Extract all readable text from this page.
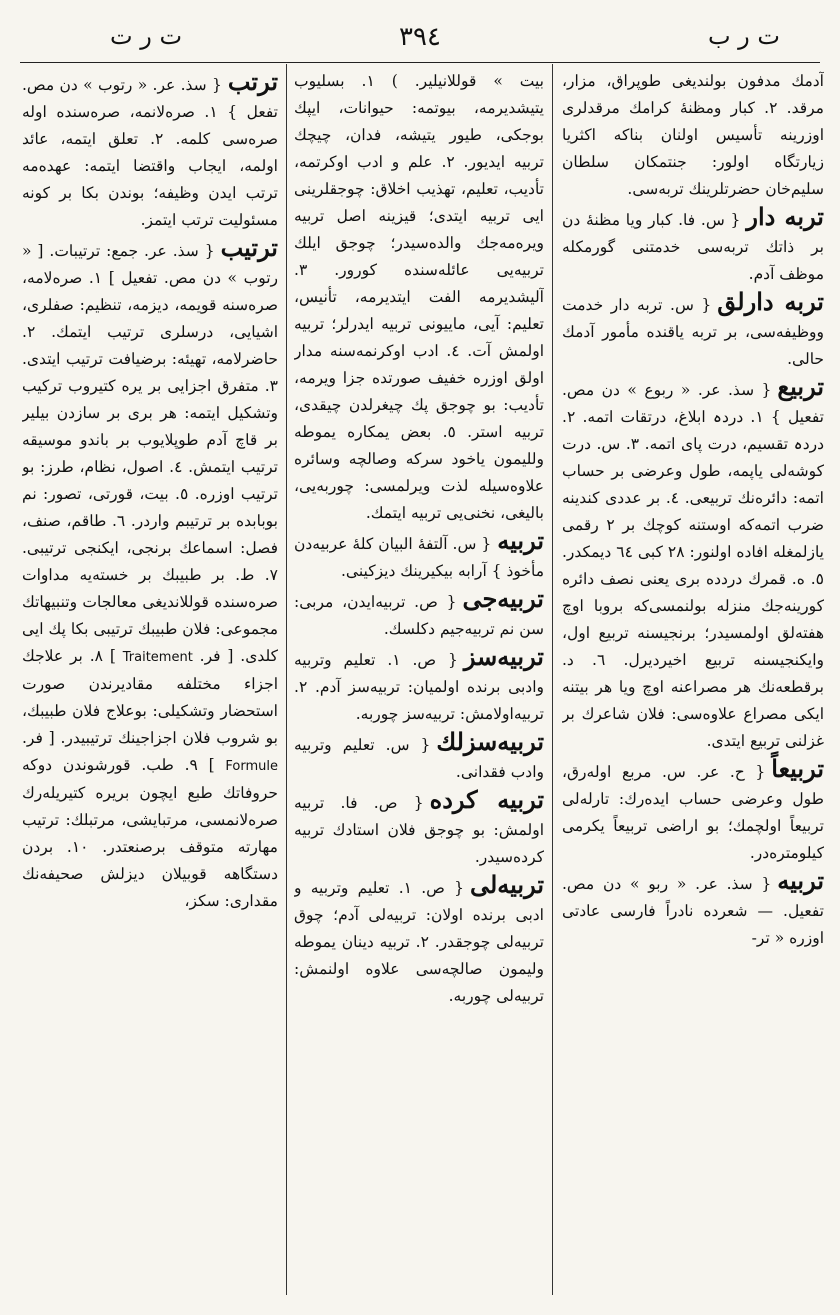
ت ر ب
٣٩٤
ت ر ت

آدمك مدفون بولندیغی طوپراق، مزار، مرقد. ٢. كبار ومظنهٔ كرامك مرقدلری اوزرینه تأسیس اولنان بناكه اكثریا زیارتگاه اولور: جنتمكان سلطان سلیم‌خان حضرتلرینك تربه‌سی.

تربه دار{ س. فا. كبار ویا مظنهٔ دن بر ذاتك تربه‌سی خدمتنی گورمكله موظف آدم.

تربه دارلق{ س. تربه دار خدمت ووظیفه‌سی، بر تربه یاقنده مأمور آدمك حالی.

تربیع{ سذ. عر. « ربوع » دن مص. تفعیل } ١. دردہ ابلاغ، درتقات اتمه. ٢. دردہ تقسیم، درت پای اتمه. ٣. س. درت كوشه‌لی یاپمه، طول وعرضی بر حساب اتمه: دائره‌نك تربیعی. ٤. بر عددی كندینه ضرب اتمه‌كه اوستنه كوچك بر ٢ رقمی یازلمغله افاده اولنور: ٢٨ كبی ٦٤ دیمكدر. ٥. ه. قمرك دردده بری یعنی نصف دائره كورینه‌جك منزله بولنمسی‌كه بروبا اوچ هفته‌لق اولمسیدر؛ برنجیسنه تربیع اول، وایكنجیسنه تربیع اخیردیرل. ٦. د. برقطعه‌نك هر مصراعنه اوچ ویا هر بیتنه ایكی مصراع علاوه‌سی: فلان شاعرك بر غزلنی تربیع ایتدی.

تربیعاً{ ح. عر. س. مربع اوله‌رق، طول وعرضی حساب ایده‌رك: تارله‌لی تربیعاً اولچمك؛ بو اراضی تربیعاً یكرمی كیلومترەدر.

تربیه{ سذ. عر. « ربو » دن مص. تفعیل. — شعرده نادراً فارسی عادتی اوزره « تر-

بیت » قوللانیلیر. ) ١. بسلیوب یتیشدیرمه، بیوتمه: حیوانات، ایپك بوجكی، طیور یتیشه، فدان، چیچك تربیه ایدیور. ٢. علم و ادب اوكرتمه، تأدیب، تعلیم، تهذیب اخلاق: چوجقلرینی ایی تربیه ایتدی؛ قیزینه اصل تربیه ویره‌مه‌جك والده‌سیدر؛ چوجق ایلك تربیه‌یی عائله‌سنده كورور. ٣. آلیشدیرمه الفت ایتدیرمه، تأنیس، تعلیم: آیی، ماییونی تربیه ایدرلر؛ تربیه اولمش آت. ٤. ادب اوكرنمه‌سنه مدار اولق اوزره خفیف صورتده جزا ویرمه، تأدیب: بو چوجق پك چیغرلدن چیقدی، تربیه استر. ٥. بعض یمكاره یموطه وللیمون یاخود سركه وصالچه وسائره علاوه‌سیله لذت ویرلمسی: چوربه‌یی، بالیغی، نخنی‌یی تربیه ایتمك.

تربیه{ س. آلتفهٔ البیان كلهٔ عربیه‌دن مأخوذ } آرابه‌ بیكیرینك دیزكینی.

تربیه‌جی{ ص. تربیه‌ایدن، مربی: سن نم تربیه‌جیم دكلسك.

تربیه‌سز{ ص. ١. تعلیم وتربیه وادبی برنده اولمیان: تربیه‌سز آدم. ٢. تربیه‌اولامش: تربیه‌سز چوربه.

تربیه‌سزلك{ س. تعلیم وتربیه وادب فقدانی.

تربیه كرده{ ص. فا. تربیه اولمش: بو چوجق فلان استادك تربیه كرده‌سیدر.

تربیه‌لی{ ص. ١. تعلیم وتربیه و ادبی برنده اولان: تربیه‌لی آدم؛ چوق تربیه‌لی چوجقدر. ٢. تربیه دینان یموطه ولیمون صالچه‌سی علاوه اولنمش: تربیه‌لی چوربه.

ترتب{ سذ. عر. « رتوب » دن مص. تفعل } ١. صره‌لانمه، صره‌سنده اوله صره‌سی كلمه. ٢. تعلق ایتمه، عائد اولمه، ایجاب واقتضا ایتمه: عهده‌مه ترتب ایدن وظیفه؛ بوندن بكا بر كونه مسئولیت ترتب ایتمز.

ترتیب{ سذ. عر. جمع: ترتیبات. [ « رتوب » دن مص. تفعیل ] ١. صره‌لامه، صره‌سنه قویمه، دیزمه، تنظیم: صفلری، اشیایی، درسلری ترتیب ایتمك. ٢. حاضرلامه، تهیئه: برضیافت ترتیب ایتدی. ٣. متفرق اجزایی بر یره كتیروب تركیب وتشكیل ایتمه: هر بری بر سازدن بیلیر بر قاچ آدم طوپلایوب بر باندو موسیقه ترتیب ایتمش. ٤. اصول، نظام، طرز: بو ترتیب اوزره. ٥. بیت، قورتی، تصور: نم بوبابده بر ترتیبم واردر. ٦. طاقم، صنف، فصل: اسماعك برنجی، ایكنجی ترتیبی. ٧. ط. بر طبیبك بر خسته‌یه مداوات صره‌سنده قوللاندیغی معالجات وتنبیهاتك مجموعی: فلان طبیبك ترتیبی بكا پك ایی كلدی. [ فر. Traitement ] ٨. بر علاجك اجزاء مختلفه مقادیرندن صورت استحضار وتشكیلی: بوعلاج فلان طبیبك، بو شروب فلان اجزاجینك ترتیبیدر. [ فر. Formule ] ٩. طب. قورشوندن دوكه حروفاتك طبع ایچون بریره كتیریله‌رك صره‌لانمسی، مرتبایشی، مرتبلك: ترتیب مهارته متوقف برصنعتدر. ١٠. بردن دستگاهه قوبیلان دیزلش صحیفه‌نك مقداری: سكز،
